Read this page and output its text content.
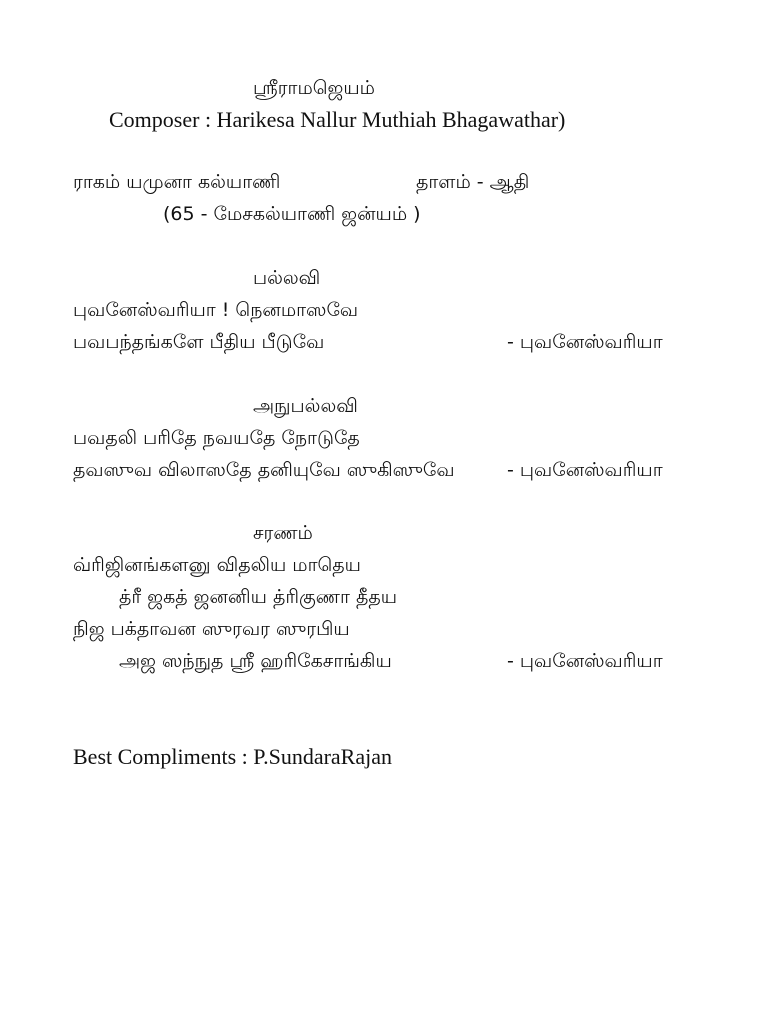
ஸ்ரீராமஜெயம்
Composer : Harikesa Nallur Muthiah Bhagawathar)
ராகம் யமுனா கல்யாணி	தாளம் - ஆதி
(65 - மேசகல்யாணி ஜன்யம் )
பல்லவி
புவனேஸ்வரியா ! நெனமாஸவே
பவபந்தங்களே பீதிய பீடுவே	- புவனேஸ்வரியா
அநுபல்லவி
பவதலி பரிதே நவயதே நோடுதே
தவஸுவ விலாஸதே தனியுவே ஸுகிஸுவே	- புவனேஸ்வரியா
சரணம்
வ்ரிஜினங்களனு விதலிய மாதெய
த்ரீ ஜகத் ஜனனிய த்ரிகுணா தீதய
நிஜ பக்தாவன ஸுரவர ஸுரபிய
அஜ ஸந்நுத ஸ்ரீ ஹரிகேசாங்கிய	- புவனேஸ்வரியா
Best Compliments : P.SundaraRajan
